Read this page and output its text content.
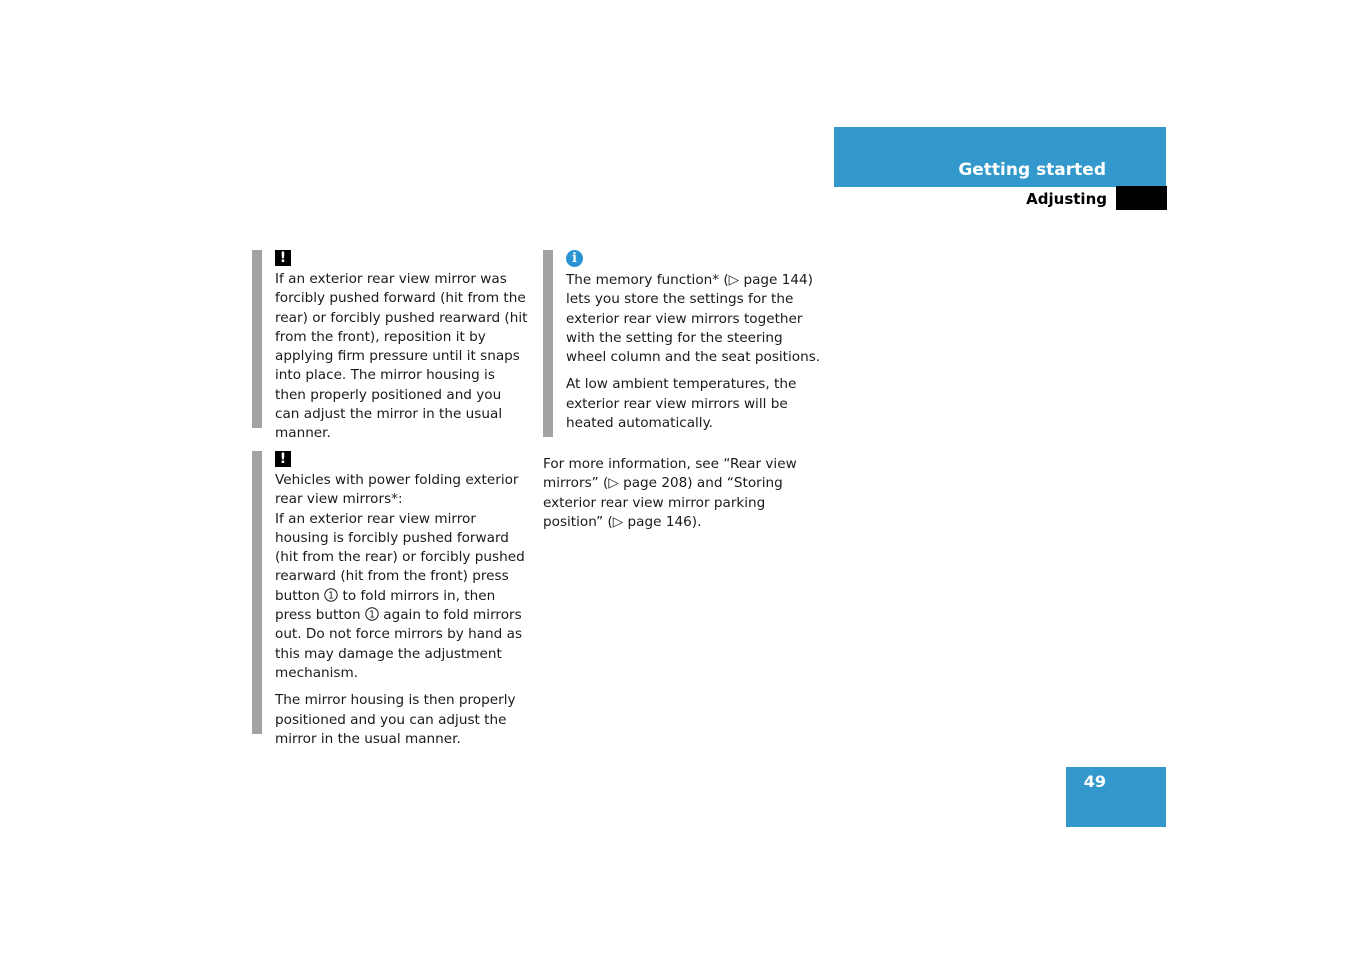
Getting started
Adjusting
!

If an exterior rear view mirror was forcibly pushed forward (hit from the rear) or forcibly pushed rearward (hit from the front), reposition it by applying firm pressure until it snaps into place. The mirror housing is then properly positioned and you can adjust the mirror in the usual manner.

!

Vehicles with power folding exterior rear view mirrors*:

If an exterior rear view mirror housing is forcibly pushed forward (hit from the rear) or forcibly pushed rearward (hit from the front) press button 1 to fold mirrors in, then press button 1 again to fold mirrors out. Do not force mirrors by hand as this may damage the adjustment mechanism.

The mirror housing is then properly positioned and you can adjust the mirror in the usual manner.

i

The memory function* (▷ page 144) lets you store the settings for the exterior rear view mirrors together with the setting for the steering wheel column and the seat positions.

At low ambient temperatures, the exterior rear view mirrors will be heated automatically.

For more information, see “Rear view mirrors” (▷ page 208) and “Storing exterior rear view mirror parking position” (▷ page 146).
49
